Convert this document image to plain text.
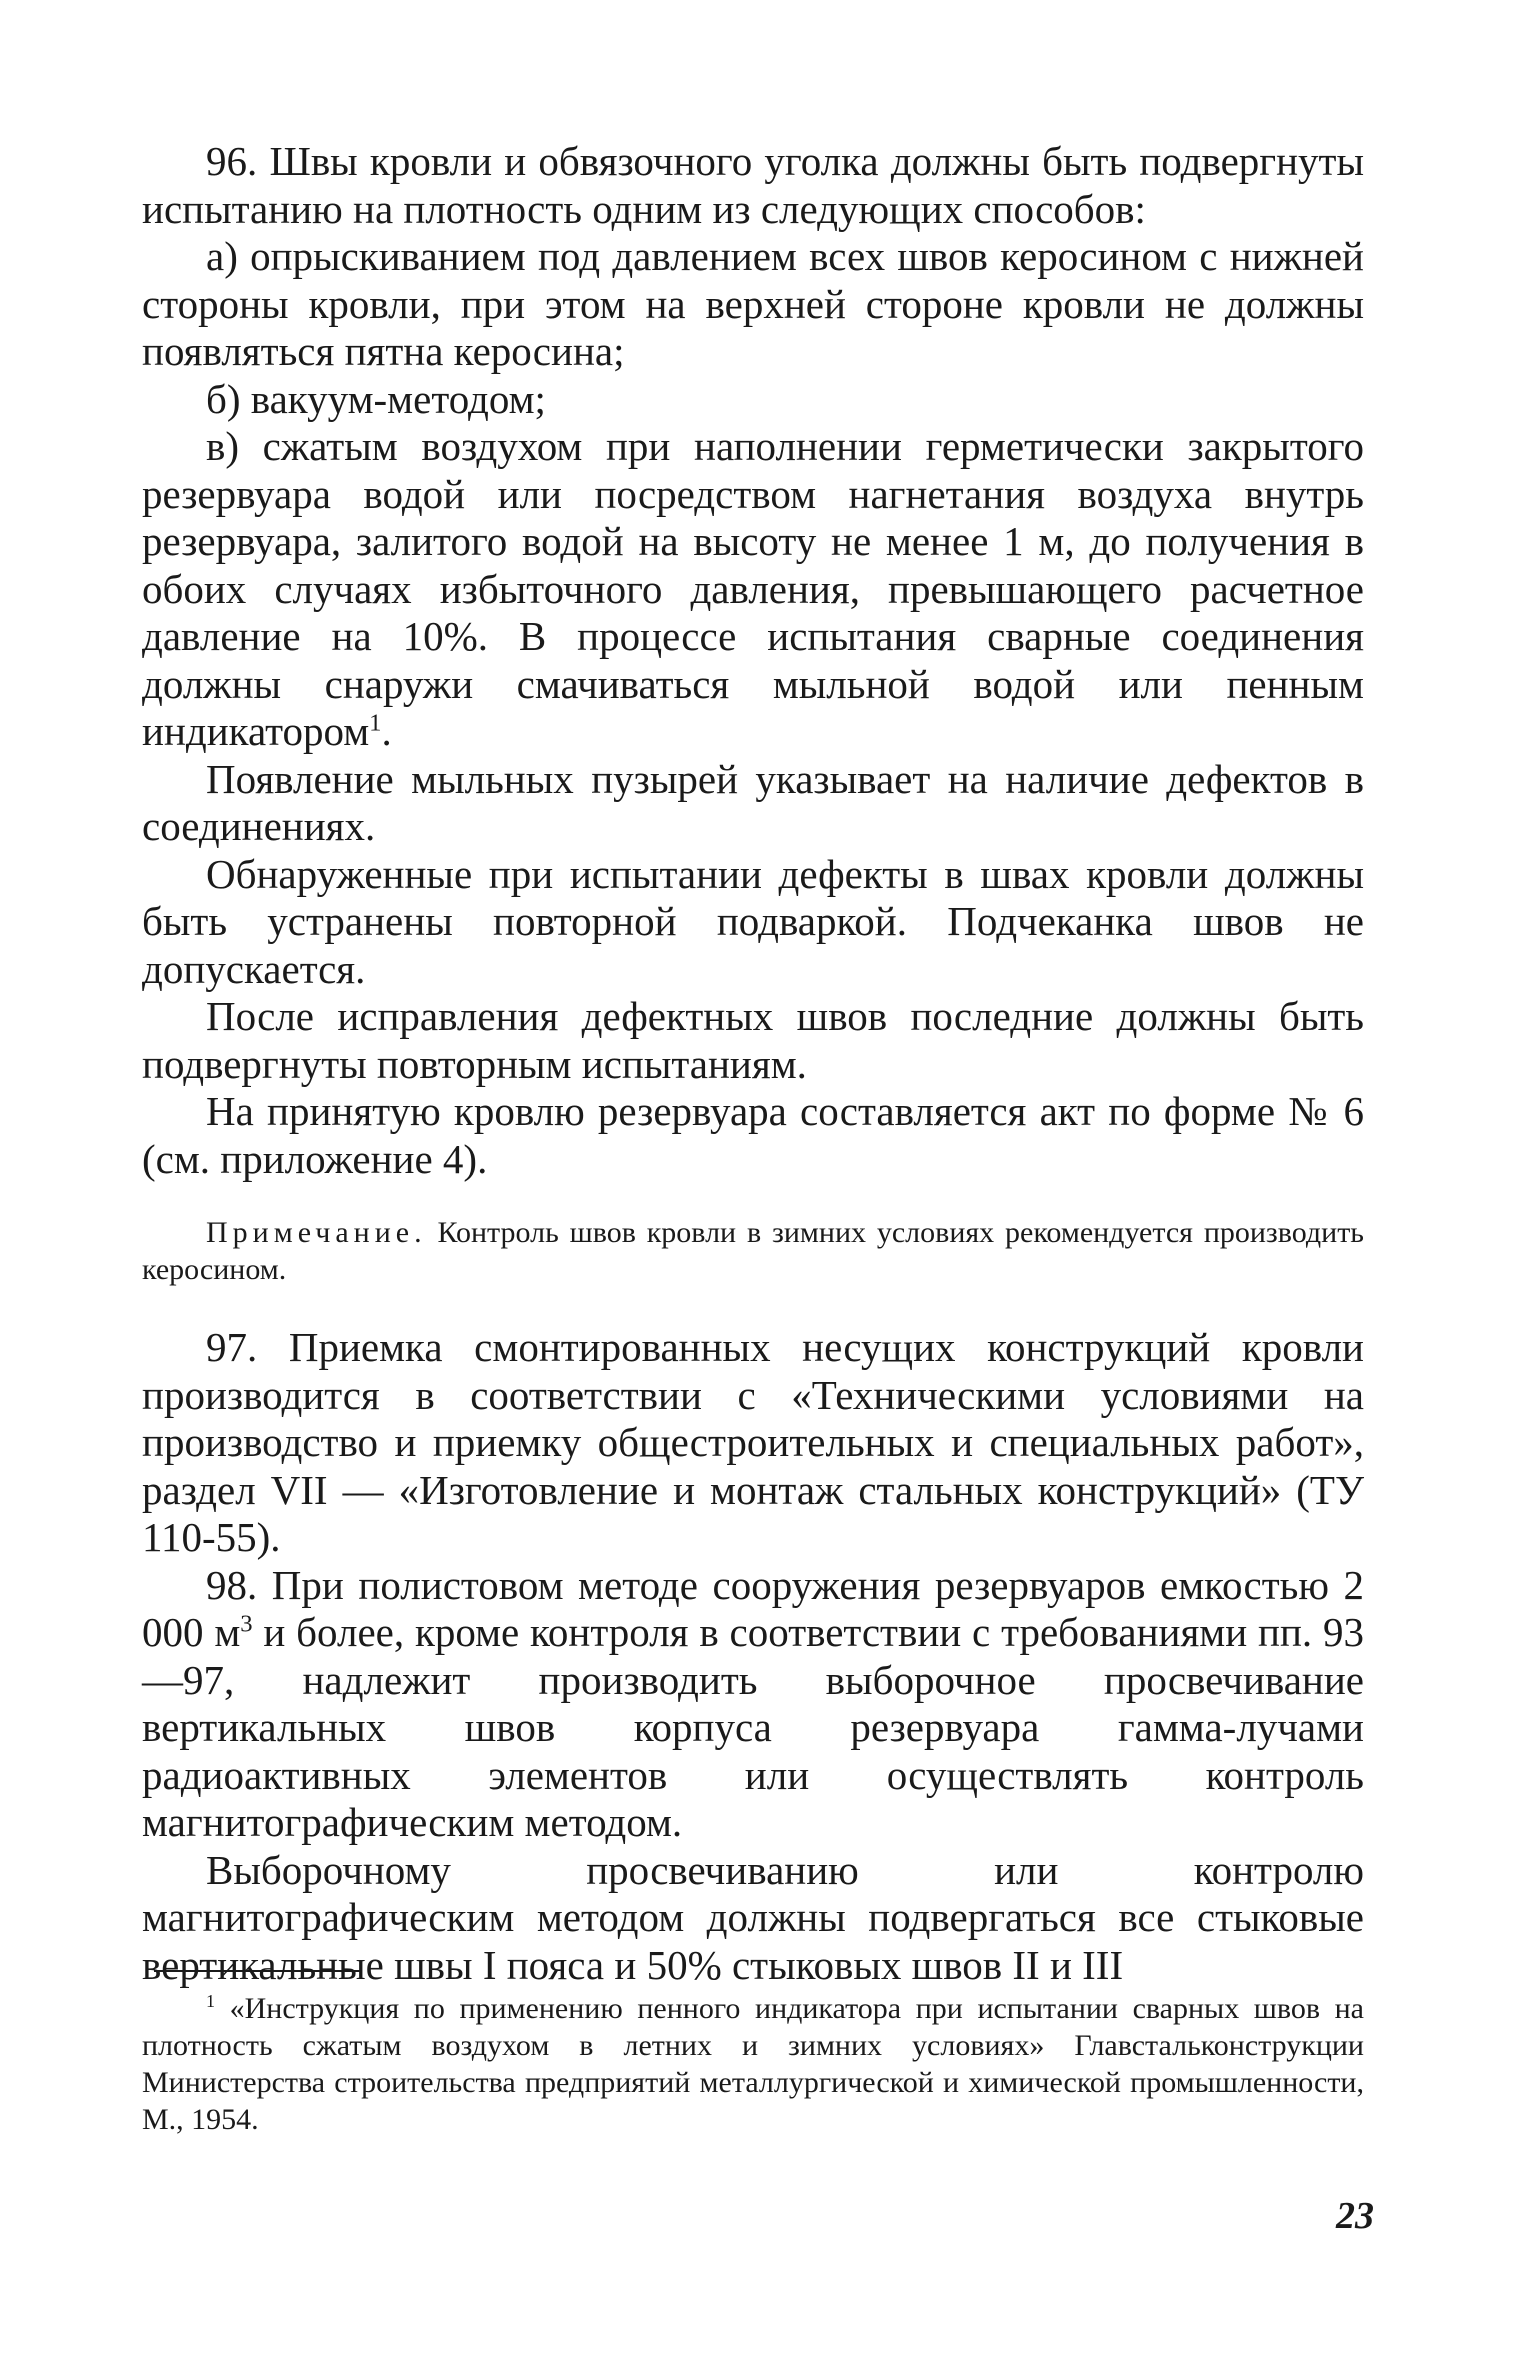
96. Швы кровли и обвязочного уголка должны быть подвергнуты испытанию на плотность одним из следующих способов:

а) опрыскиванием под давлением всех швов керосином с нижней стороны кровли, при этом на верхней стороне кровли не должны появляться пятна керосина;

б) вакуум-методом;

в) сжатым воздухом при наполнении герметически закрытого резервуара водой или посредством нагнетания воздуха внутрь резервуара, залитого водой на высоту не менее 1 м, до получения в обоих случаях избыточного давления, превышающего расчетное давление на 10%. В процессе испытания сварные соединения должны снаружи смачиваться мыльной водой или пенным индикатором$^1$.

Появление мыльных пузырей указывает на наличие дефектов в соединениях.

Обнаруженные при испытании дефекты в швах кровли должны быть устранены повторной подваркой. Подчеканка швов не допускается.

После исправления дефектных швов последние должны быть подвергнуты повторным испытаниям.

На принятую кровлю резервуара составляется акт по форме № 6 (см. приложение 4).

Примечание. Контроль швов кровли в зимних условиях рекомендуется производить керосином.

97. Приемка смонтированных несущих конструкций кровли производится в соответствии с «Техническими условиями на производство и приемку общестроительных и специальных работ», раздел VII — «Изготовление и монтаж стальных конструкций» (ТУ 110-55).

98. При полистовом методе сооружения резервуаров емкостью 2 000 $м^3$ и более, кроме контроля в соответствии с требованиями пп. 93—97, надлежит производить выборочное просвечивание вертикальных швов корпуса резервуара гамма-лучами радиоактивных элементов или осуществлять контроль магнитографическим методом.

Выборочному просвечиванию или контролю магнитографическим методом должны подвергаться все стыковые вертикальные швы I пояса и 50% стыковых швов II и III

$^1$ «Инструкция по применению пенного индикатора при испытании сварных швов на плотность сжатым воздухом в летних и зимних условиях» Главстальконструкции Министерства строительства предприятий металлургической и химической промышленности, М., 1954.

23
